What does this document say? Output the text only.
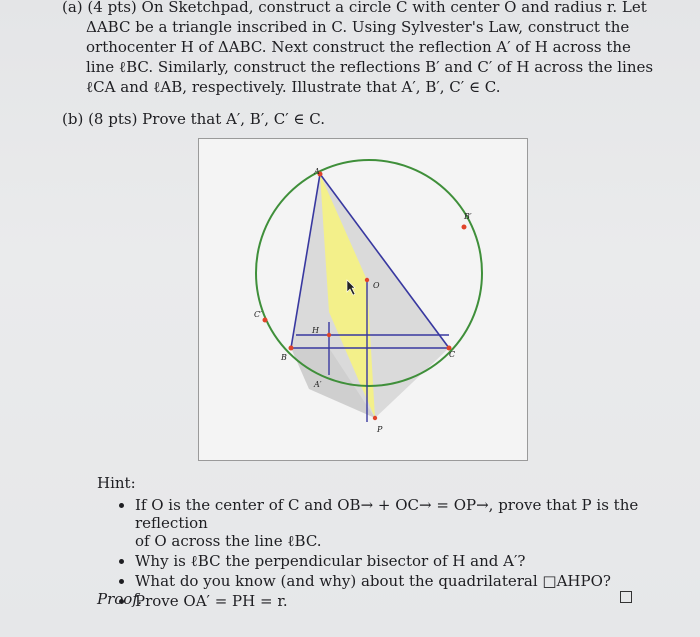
(a) (4 pts) On Sketchpad, construct a circle C with center O and radius r. Let
ΔABC be a triangle inscribed in C. Using Sylvester's Law, construct the
orthocenter H of ΔABC. Next construct the reflection A′ of H across the
line ℓBC. Similarly, construct the reflections B′ and C′ of H across the lines
ℓCA and ℓAB, respectively. Illustrate that A′, B′, C′ ∈ C.
(b) (8 pts) Prove that A′, B′, C′ ∈ C.
A
B	C
O
H
P
A′
B′
C′
Hint:
• If O is the center of C and OB→ + OC→ = OP→, prove that P is the reflection
of O across the line ℓBC.
• Why is ℓBC the perpendicular bisector of H and A′?
• What do you know (and why) about the quadrilateral □AHPO?
• Prove OA′ = PH = r.
Proof.
